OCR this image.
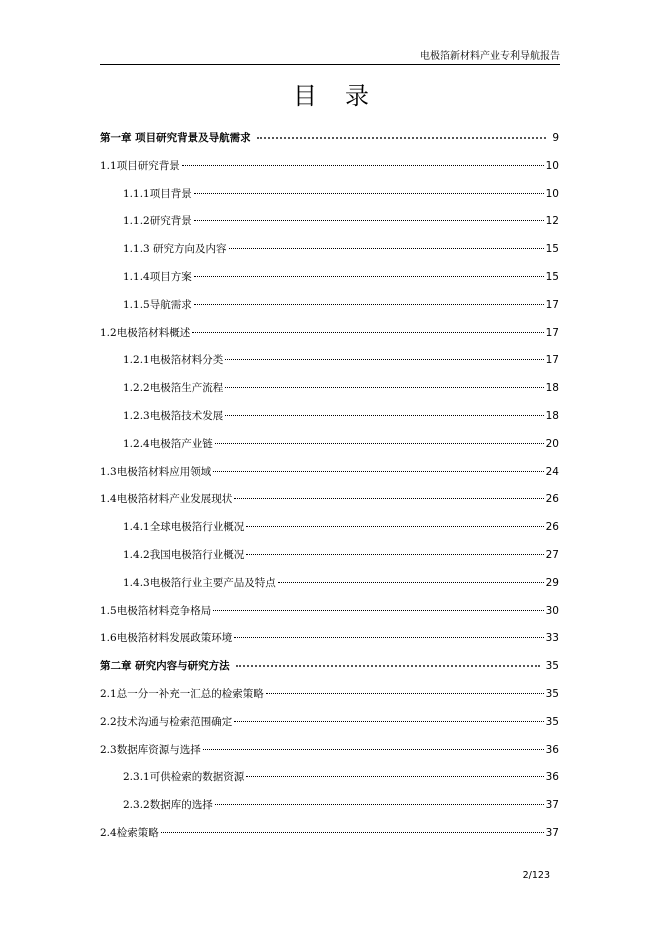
电极箔新材料产业专利导航报告
目录
第一章 项目研究背景及导航需求	9
1.1项目研究背景	10
1.1.1项目背景	10
1.1.2研究背景	12
1.1.3 研究方向及内容	15
1.1.4项目方案	15
1.1.5导航需求	17
1.2电极箔材料概述	17
1.2.1电极箔材料分类	17
1.2.2电极箔生产流程	18
1.2.3电极箔技术发展	18
1.2.4电极箔产业链	20
1.3电极箔材料应用领域	24
1.4电极箔材料产业发展现状	26
1.4.1全球电极箔行业概况	26
1.4.2我国电极箔行业概况	27
1.4.3电极箔行业主要产品及特点	29
1.5电极箔材料竞争格局	30
1.6电极箔材料发展政策环境	33
第二章 研究内容与研究方法	35
2.1总一分一补充一汇总的检索策略	35
2.2技术沟通与检索范围确定	35
2.3数据库资源与选择	36
2.3.1可供检索的数据资源	36
2.3.2数据库的选择	37
2.4检索策略	37
2/123
